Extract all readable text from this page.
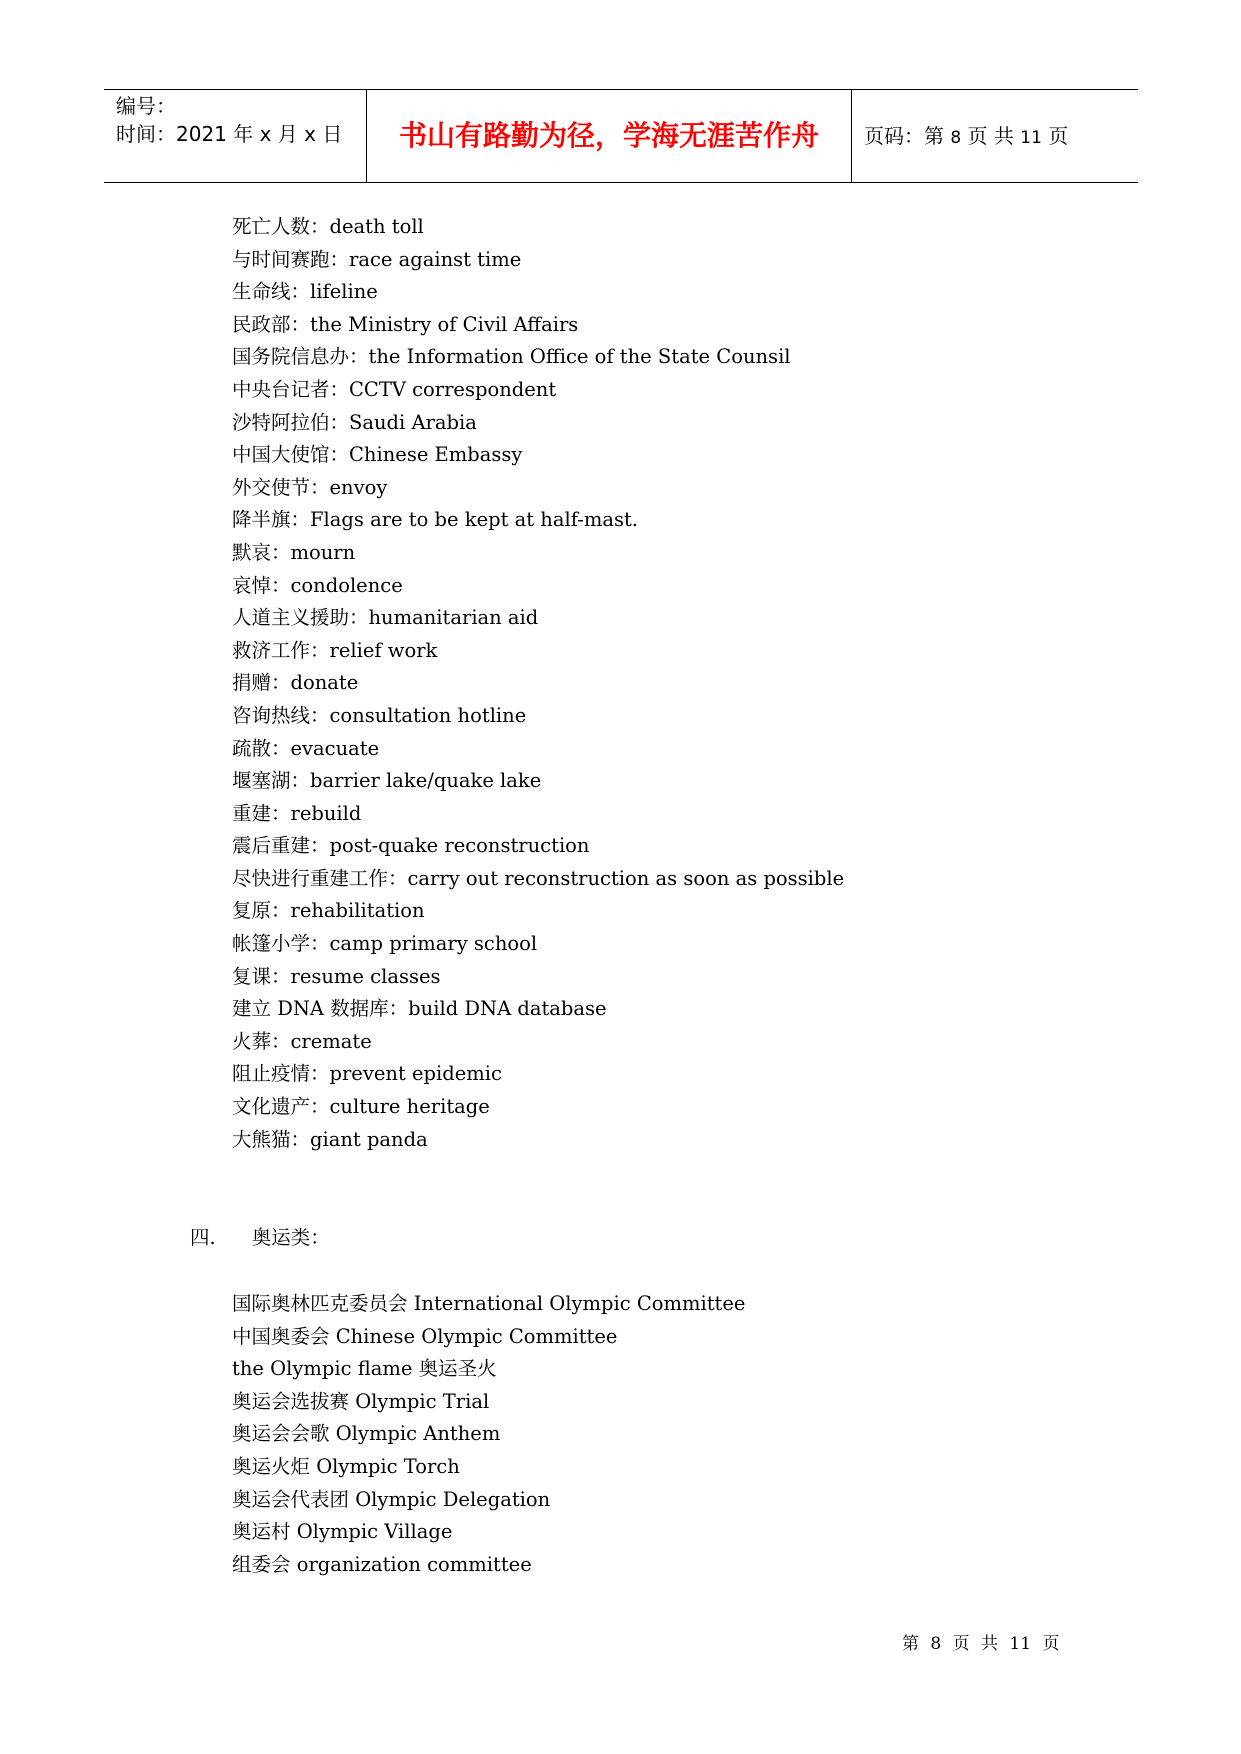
编号：
时间：2021 年 x 月 x 日	书山有路勤为径，学海无涯苦作舟	页码：第 8 页 共 11 页
死亡人数：death toll
与时间赛跑：race against time
生命线：lifeline
民政部：the Ministry of Civil Affairs
国务院信息办：the Information Office of the State Counsil
中央台记者：CCTV correspondent
沙特阿拉伯：Saudi Arabia
中国大使馆：Chinese Embassy
外交使节：envoy
降半旗：Flags are to be kept at half-mast.
默哀：mourn
哀悼：condolence
人道主义援助：humanitarian aid
救济工作：relief work
捐赠：donate
咨询热线：consultation hotline
疏散：evacuate
堰塞湖：barrier lake/quake lake
重建：rebuild
震后重建：post-quake reconstruction
尽快进行重建工作：carry out reconstruction as soon as possible
复原：rehabilitation
帐篷小学：camp primary school
复课：resume classes
建立 DNA 数据库：build DNA database
火葬：cremate
阻止疫情：prevent epidemic
文化遗产：culture heritage
大熊猫：giant panda
四. 奥运类：
国际奥林匹克委员会 International Olympic Committee
中国奥委会 Chinese Olympic Committee
the Olympic flame 奥运圣火
奥运会选拔赛 Olympic Trial
奥运会会歌 Olympic Anthem
奥运火炬 Olympic Torch
奥运会代表团 Olympic Delegation
奥运村 Olympic Village
组委会 organization committee
第 8 页 共 11 页
